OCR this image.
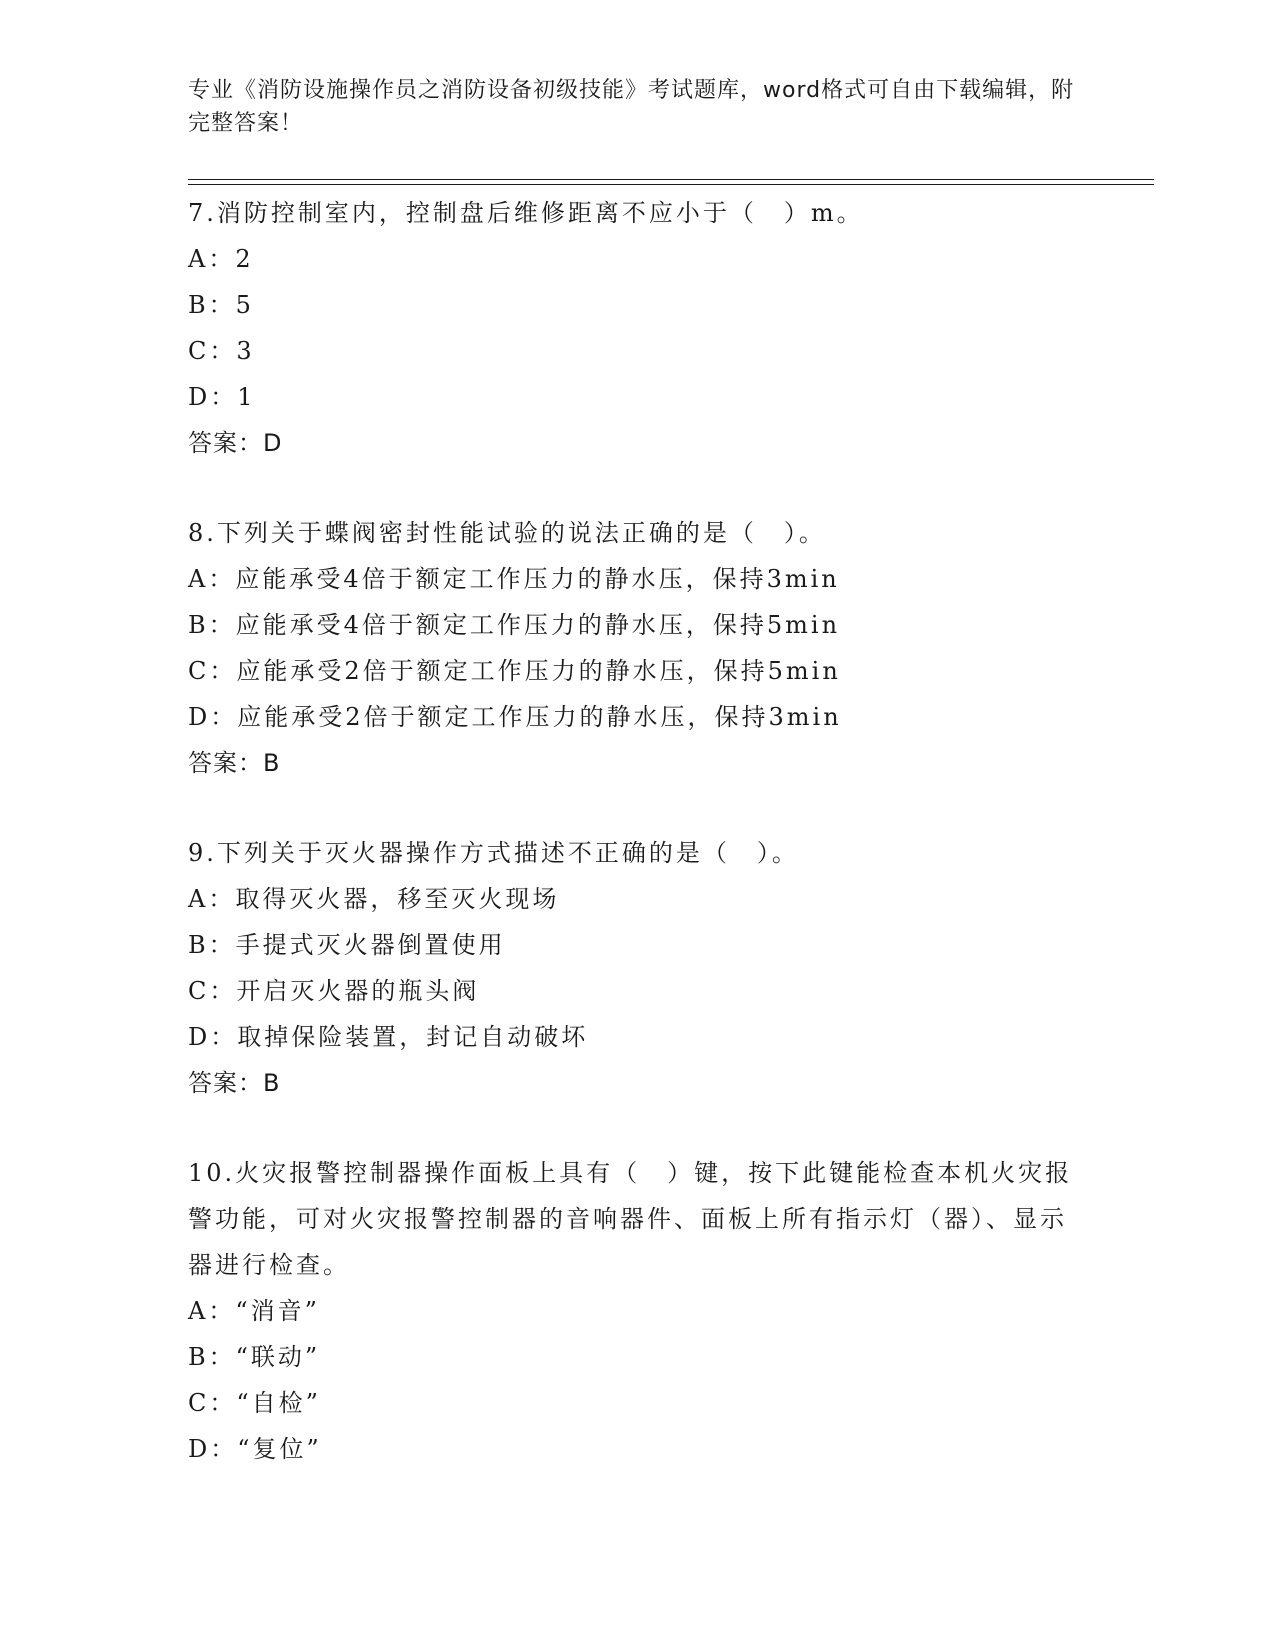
专业《消防设施操作员之消防设备初级技能》考试题库，word格式可自由下载编辑，附完整答案！
7.消防控制室内，控制盘后维修距离不应小于（　）m。
A：2
B：5
C：3
D：1
答案：D
8.下列关于蝶阀密封性能试验的说法正确的是（　）。
A：应能承受4倍于额定工作压力的静水压，保持3min
B：应能承受4倍于额定工作压力的静水压，保持5min
C：应能承受2倍于额定工作压力的静水压，保持5min
D：应能承受2倍于额定工作压力的静水压，保持3min
答案：B
9.下列关于灭火器操作方式描述不正确的是（　）。
A：取得灭火器，移至灭火现场
B：手提式灭火器倒置使用
C：开启灭火器的瓶头阀
D：取掉保险装置，封记自动破坏
答案：B
10.火灾报警控制器操作面板上具有（　）键，按下此键能检查本机火灾报警功能，可对火灾报警控制器的音响器件、面板上所有指示灯（器）、显示器进行检查。
A：“消音”
B：“联动”
C：“自检”
D：“复位”
